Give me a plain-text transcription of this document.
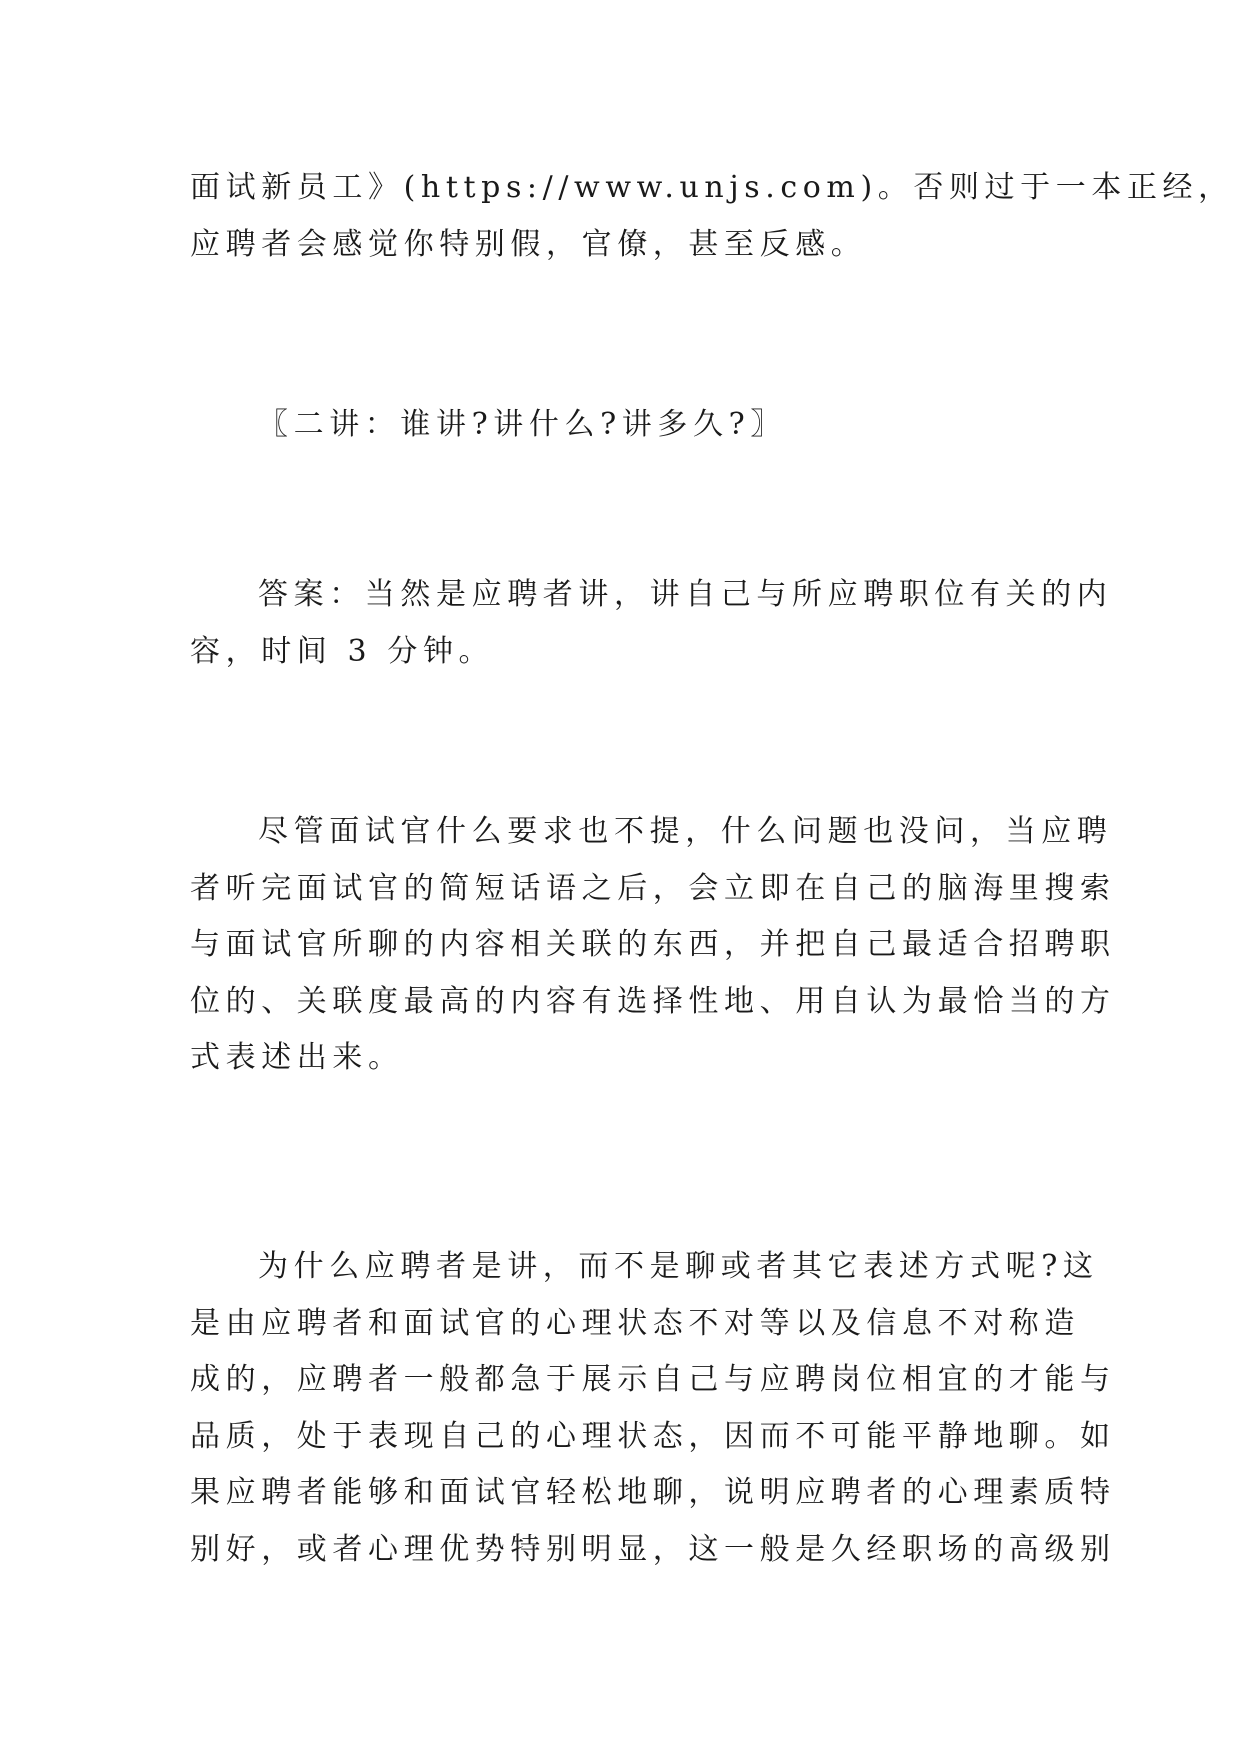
面试新员工》(https://www.unjs.com)。否则过于一本正经，
应聘者会感觉你特别假，官僚，甚至反感。
〖二讲：谁讲?讲什么?讲多久?〗
答案：当然是应聘者讲，讲自己与所应聘职位有关的内
容，时间 3 分钟。
尽管面试官什么要求也不提，什么问题也没问，当应聘
者听完面试官的简短话语之后，会立即在自己的脑海里搜索
与面试官所聊的内容相关联的东西，并把自己最适合招聘职
位的、关联度最高的内容有选择性地、用自认为最恰当的方
式表述出来。
为什么应聘者是讲，而不是聊或者其它表述方式呢?这
是由应聘者和面试官的心理状态不对等以及信息不对称造
成的，应聘者一般都急于展示自己与应聘岗位相宜的才能与
品质，处于表现自己的心理状态，因而不可能平静地聊。如
果应聘者能够和面试官轻松地聊，说明应聘者的心理素质特
别好，或者心理优势特别明显，这一般是久经职场的高级别
